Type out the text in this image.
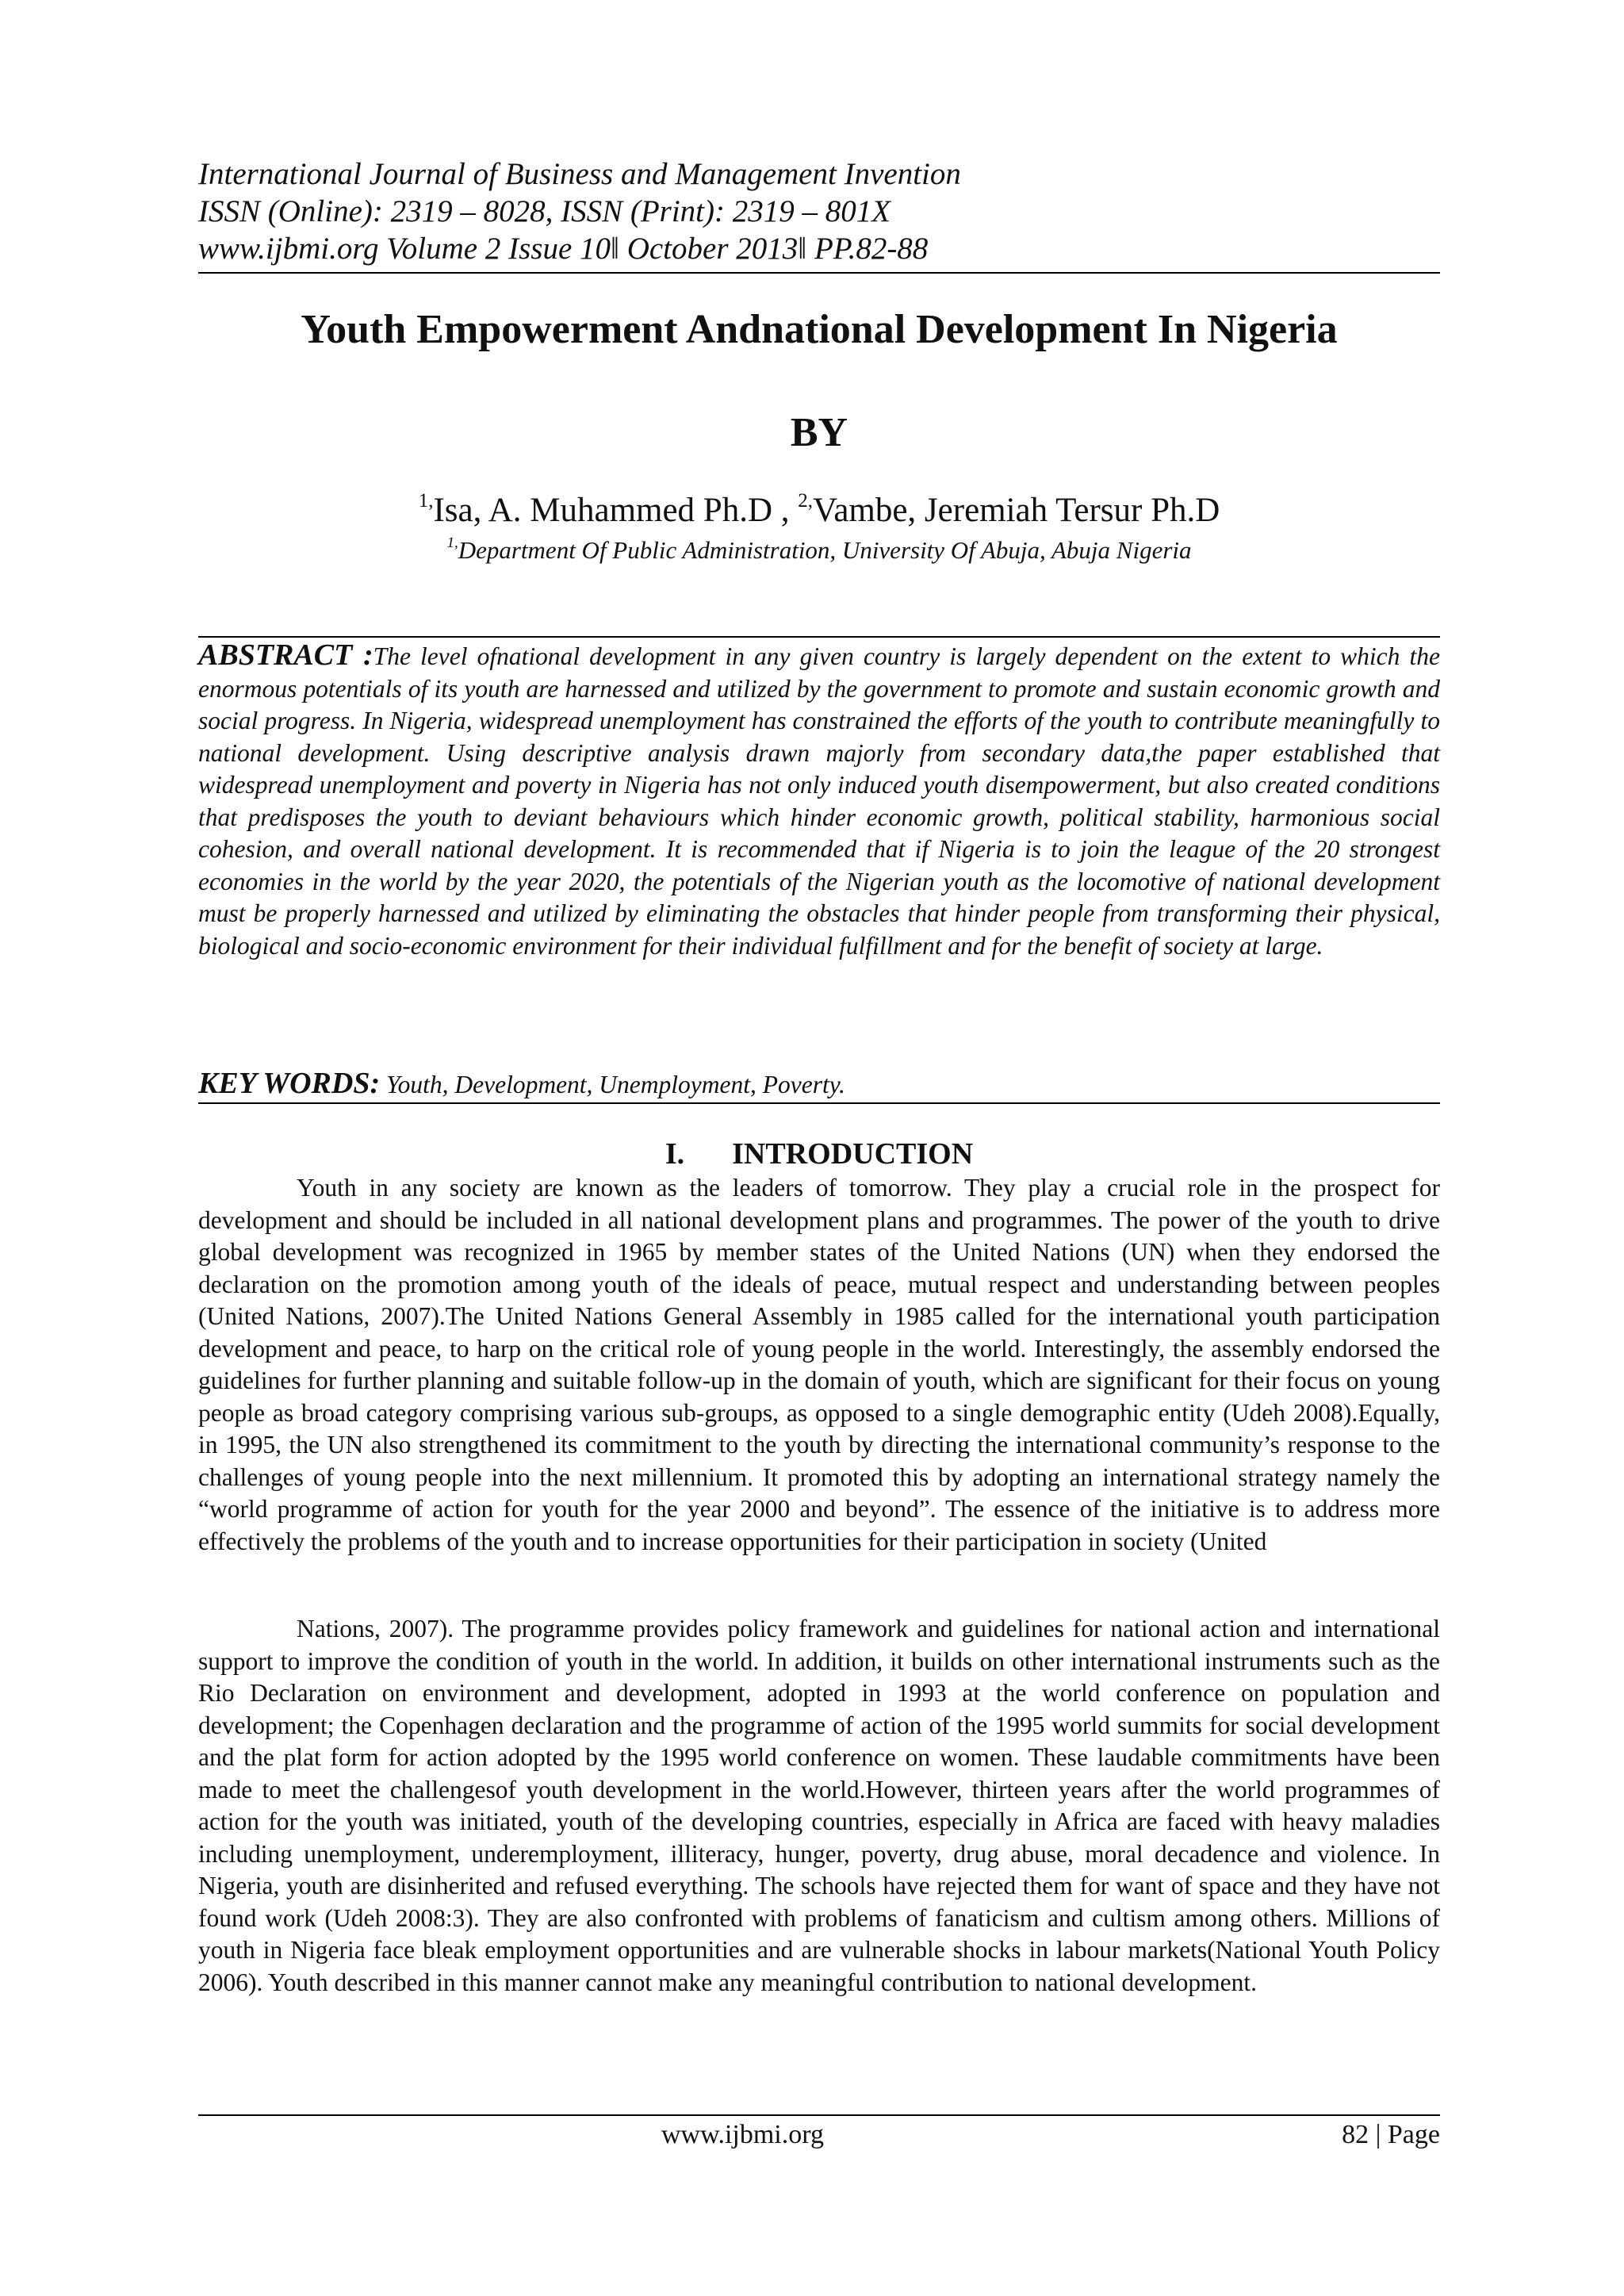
International Journal of Business and Management Invention
ISSN (Online): 2319 – 8028, ISSN (Print): 2319 – 801X
www.ijbmi.org Volume 2 Issue 10ǁ October 2013ǁ PP.82-88
Youth Empowerment Andnational Development In Nigeria
BY
$^{1,}$Isa, A. Muhammed Ph.D , $^{2,}$Vambe, Jeremiah Tersur Ph.D
$^{1,}$Department Of Public Administration, University Of Abuja, Abuja Nigeria
ABSTRACT :The level ofnational development in any given country is largely dependent on the extent to which the enormous potentials of its youth are harnessed and utilized by the government to promote and sustain economic growth and social progress. In Nigeria, widespread unemployment has constrained the efforts of the youth to contribute meaningfully to national development. Using descriptive analysis drawn majorly from secondary data,the paper established that widespread unemployment and poverty in Nigeria has not only induced youth disempowerment, but also created conditions that predisposes the youth to deviant behaviours which hinder economic growth, political stability, harmonious social cohesion, and overall national development. It is recommended that if Nigeria is to join the league of the 20 strongest economies in the world by the year 2020, the potentials of the Nigerian youth as the locomotive of national development must be properly harnessed and utilized by eliminating the obstacles that hinder people from transforming their physical, biological and socio-economic environment for their individual fulfillment and for the benefit of society at large.
KEY WORDS: Youth, Development, Unemployment, Poverty.
I. INTRODUCTION
Youth in any society are known as the leaders of tomorrow. They play a crucial role in the prospect for development and should be included in all national development plans and programmes. The power of the youth to drive global development was recognized in 1965 by member states of the United Nations (UN) when they endorsed the declaration on the promotion among youth of the ideals of peace, mutual respect and understanding between peoples (United Nations, 2007).The United Nations General Assembly in 1985 called for the international youth participation development and peace, to harp on the critical role of young people in the world. Interestingly, the assembly endorsed the guidelines for further planning and suitable follow-up in the domain of youth, which are significant for their focus on young people as broad category comprising various sub-groups, as opposed to a single demographic entity (Udeh 2008).Equally, in 1995, the UN also strengthened its commitment to the youth by directing the international community’s response to the challenges of young people into the next millennium. It promoted this by adopting an international strategy namely the “world programme of action for youth for the year 2000 and beyond”. The essence of the initiative is to address more effectively the problems of the youth and to increase opportunities for their participation in society (United
Nations, 2007). The programme provides policy framework and guidelines for national action and international support to improve the condition of youth in the world. In addition, it builds on other international instruments such as the Rio Declaration on environment and development, adopted in 1993 at the world conference on population and development; the Copenhagen declaration and the programme of action of the 1995 world summits for social development and the plat form for action adopted by the 1995 world conference on women. These laudable commitments have been made to meet the challengesof youth development in the world.However, thirteen years after the world programmes of action for the youth was initiated, youth of the developing countries, especially in Africa are faced with heavy maladies including unemployment, underemployment, illiteracy, hunger, poverty, drug abuse, moral decadence and violence. In Nigeria, youth are disinherited and refused everything. The schools have rejected them for want of space and they have not found work (Udeh 2008:3). They are also confronted with problems of fanaticism and cultism among others. Millions of youth in Nigeria face bleak employment opportunities and are vulnerable shocks in labour markets(National Youth Policy 2006). Youth described in this manner cannot make any meaningful contribution to national development.
www.ijbmi.org	82 | Page
